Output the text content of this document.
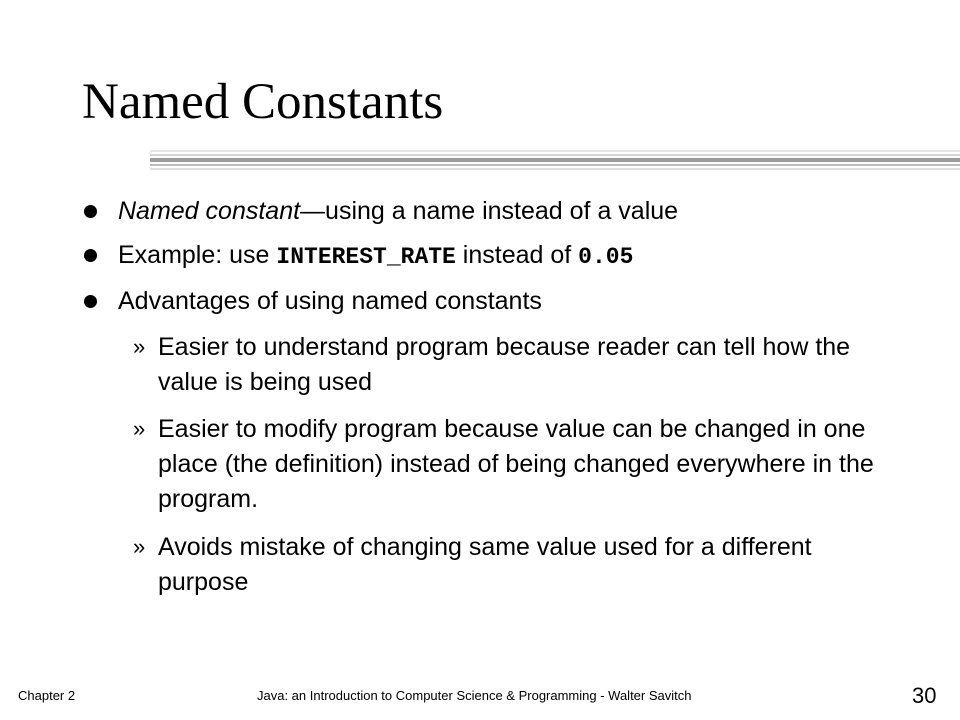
Named Constants
Named constant—using a name instead of a value
Example: use INTEREST_RATE instead of 0.05
Advantages of using named constants
» Easier to understand program because reader can tell how the value is being used
» Easier to modify program because value can be changed in one place (the definition) instead of being changed everywhere in the program.
» Avoids mistake of changing same value used for a different purpose
Chapter 2	Java: an Introduction to Computer Science & Programming - Walter Savitch	30
